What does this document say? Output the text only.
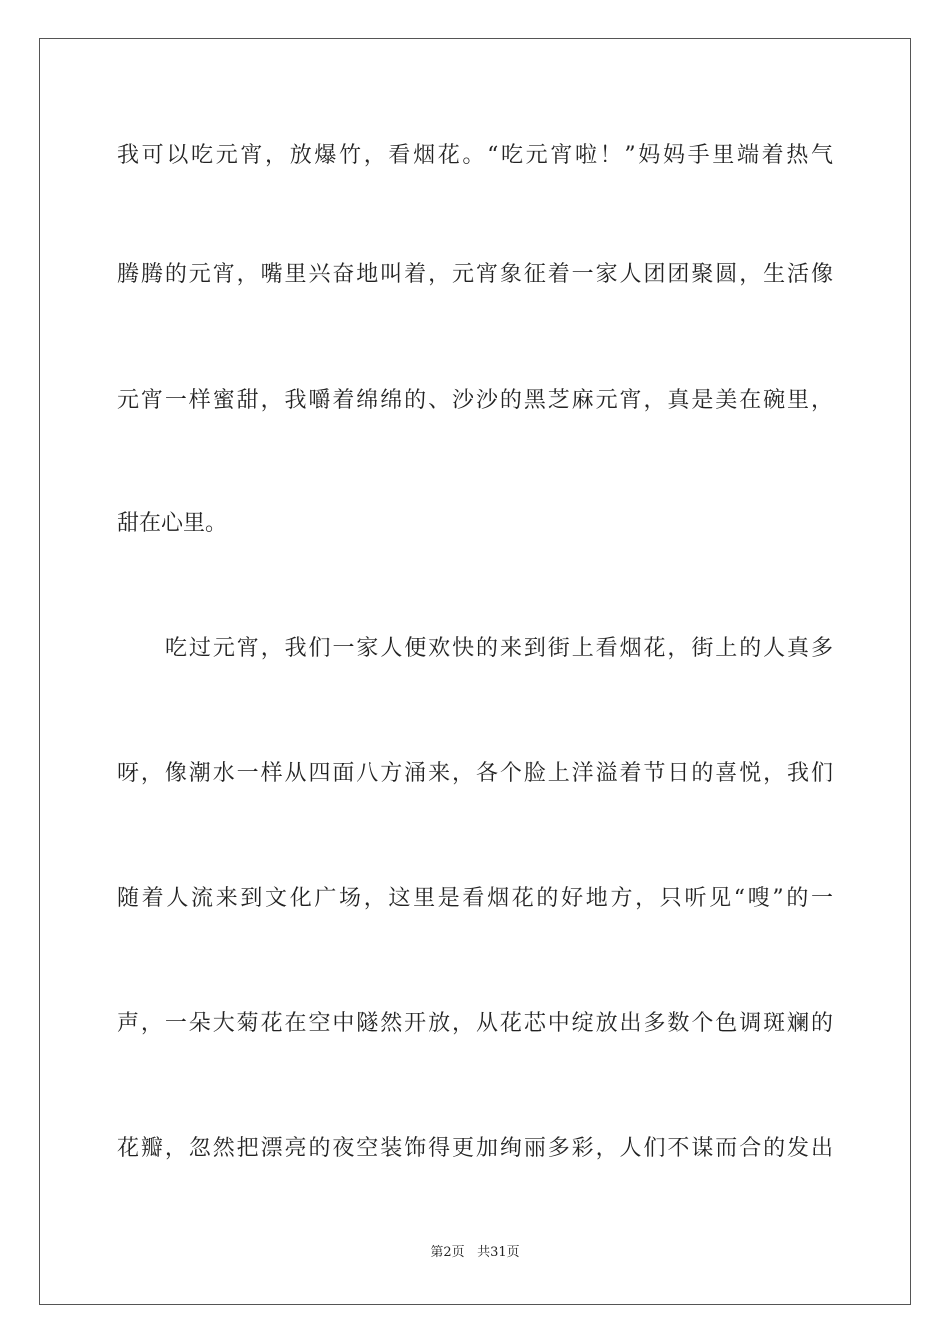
我可以吃元宵，放爆竹，看烟花。“吃元宵啦！”妈妈手里端着热气
腾腾的元宵，嘴里兴奋地叫着，元宵象征着一家人团团聚圆，生活像
元宵一样蜜甜，我嚼着绵绵的、沙沙的黑芝麻元宵，真是美在碗里，
甜在心里。
吃过元宵，我们一家人便欢快的来到街上看烟花，街上的人真多
呀，像潮水一样从四面八方涌来，各个脸上洋溢着节日的喜悦，我们
随着人流来到文化广场，这里是看烟花的好地方，只听见“嗖”的一
声，一朵大菊花在空中隧然开放，从花芯中绽放出多数个色调斑斓的
花瓣，忽然把漂亮的夜空装饰得更加绚丽多彩，人们不谋而合的发出
第2页 共31页
